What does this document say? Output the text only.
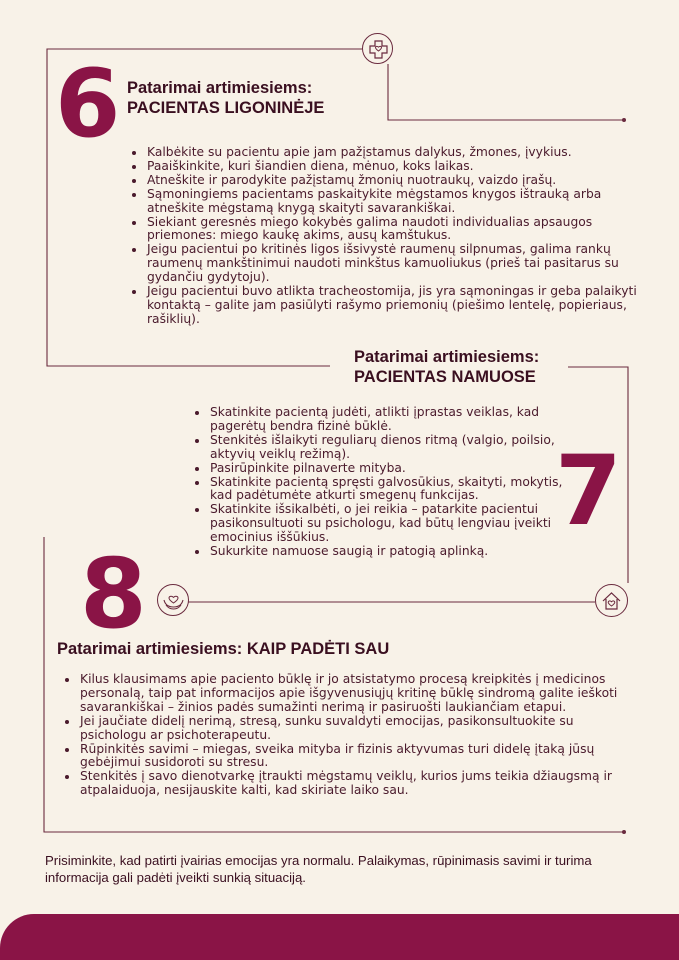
6 Patarimai artimiesiems:
PACIENTAS LIGONINĖJE
• Kalbėkite su pacientu apie jam pažįstamus dalykus, žmones, įvykius.
• Paaiškinkite, kuri šiandien diena, mėnuo, koks laikas.
• Atneškite ir parodykite pažįstamų žmonių nuotraukų, vaizdo įrašų.
• Sąmoningiems pacientams paskaitykite mėgstamos knygos ištrauką arba atneškite mėgstamą knygą skaityti savarankiškai.
• Siekiant geresnės miego kokybės galima naudoti individualias apsaugos priemones: miego kaukę akims, ausų kamštukus.
• Jeigu pacientui po kritinės ligos išsivystė raumenų silpnumas, galima rankų raumenų mankštinimui naudoti minkštus kamuoliukus (prieš tai pasitarus su gydančiu gydytoju).
• Jeigu pacientui buvo atlikta tracheostomija, jis yra sąmoningas ir geba palaikyti kontaktą – galite jam pasiūlyti rašymo priemonių (piešimo lentelę, popieriaus, rašiklių).
Patarimai artimiesiems:
PACIENTAS NAMUOSE
• Skatinkite pacientą judėti, atlikti įprastas veiklas, kad pagerėtų bendra fizinė būklė.
• Stenkitės išlaikyti reguliarų dienos ritmą (valgio, poilsio, aktyvių veiklų režimą).
• Pasirūpinkite pilnaverte mityba.
• Skatinkite pacientą spręsti galvosūkius, skaityti, mokytis, kad padėtumėte atkurti smegenų funkcijas.
• Skatinkite išsikalbėti, o jei reikia – patarkite pacientui pasikonsultuoti su psichologu, kad būtų lengviau įveikti emocinius iššūkius.
• Sukurkite namuose saugią ir patogią aplinką.
7
8
Patarimai artimiesiems: KAIP PADĖTI SAU
• Kilus klausimams apie paciento būklę ir jo atsistatymo procesą kreipkitės į medicinos personalą, taip pat informacijos apie išgyvenusiųjų kritinę būklę sindromą galite ieškoti savarankiškai – žinios padės sumažinti nerimą ir pasiruošti laukiančiam etapui.
• Jei jaučiate didelį nerimą, stresą, sunku suvaldyti emocijas, pasikonsultuokite su psichologu ar psichoterapeutu.
• Rūpinkitės savimi – miegas, sveika mityba ir fizinis aktyvumas turi didelę įtaką jūsų gebėjimui susidoroti su stresu.
• Stenkitės į savo dienotvarkę įtraukti mėgstamų veiklų, kurios jums teikia džiaugsmą ir atpalaiduoja, nesijauskite kalti, kad skiriate laiko sau.

Prisiminkite, kad patirti įvairias emocijas yra normalu. Palaikymas, rūpinimasis savimi ir turima informacija gali padėti įveikti sunkią situaciją.
